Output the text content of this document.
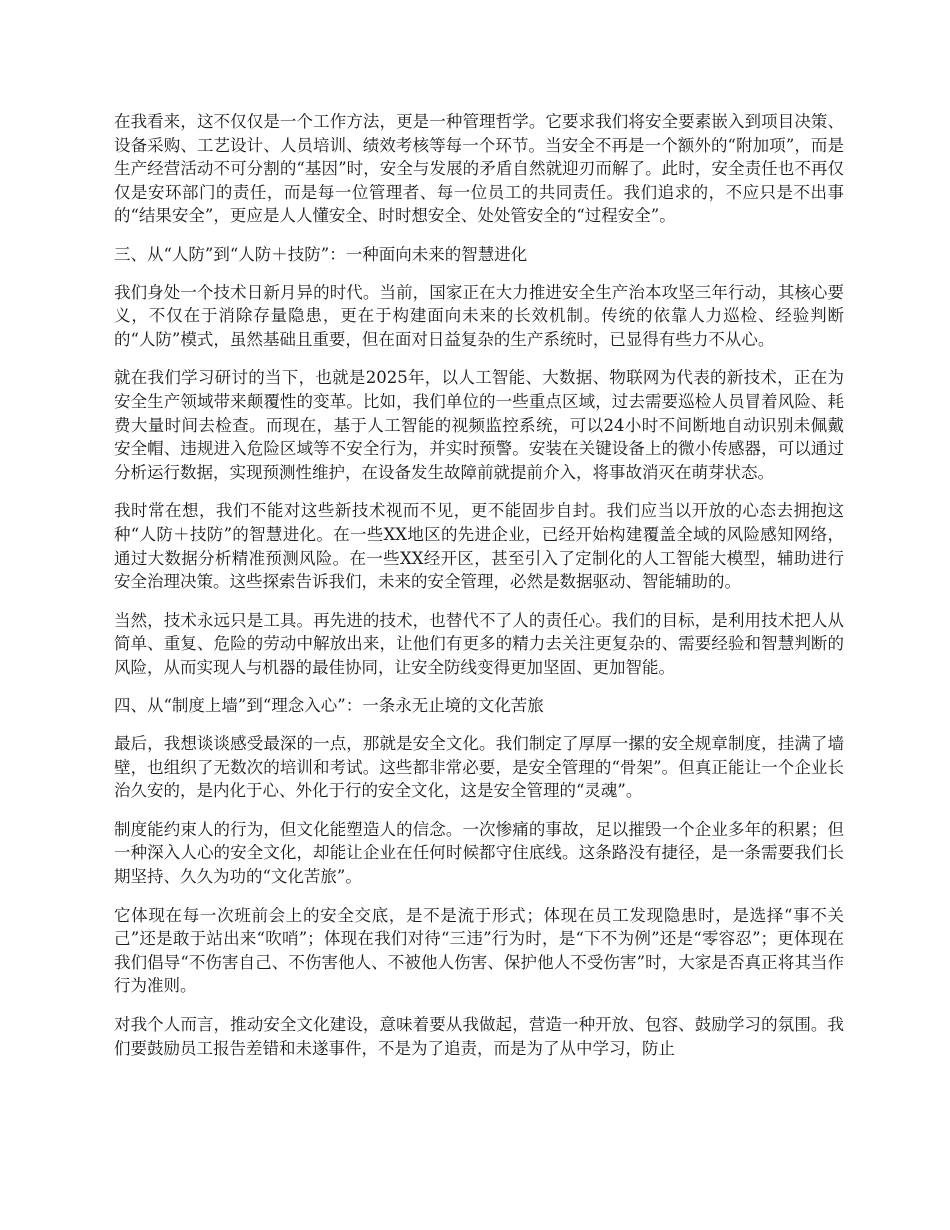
在我看来，这不仅仅是一个工作方法，更是一种管理哲学。它要求我们将安全要素嵌入到项目决策、设备采购、工艺设计、人员培训、绩效考核等每一个环节。当安全不再是一个额外的“附加项”，而是生产经营活动不可分割的“基因”时，安全与发展的矛盾自然就迎刃而解了。此时，安全责任也不再仅仅是安环部门的责任，而是每一位管理者、每一位员工的共同责任。我们追求的，不应只是不出事的“结果安全”，更应是人人懂安全、时时想安全、处处管安全的“过程安全”。

三、从“人防”到“人防＋技防”：一种面向未来的智慧进化

我们身处一个技术日新月异的时代。当前，国家正在大力推进安全生产治本攻坚三年行动，其核心要义，不仅在于消除存量隐患，更在于构建面向未来的长效机制。传统的依靠人力巡检、经验判断的“人防”模式，虽然基础且重要，但在面对日益复杂的生产系统时，已显得有些力不从心。

就在我们学习研讨的当下，也就是2025年，以人工智能、大数据、物联网为代表的新技术，正在为安全生产领域带来颠覆性的变革。比如，我们单位的一些重点区域，过去需要巡检人员冒着风险、耗费大量时间去检查。而现在，基于人工智能的视频监控系统，可以24小时不间断地自动识别未佩戴安全帽、违规进入危险区域等不安全行为，并实时预警。安装在关键设备上的微小传感器，可以通过分析运行数据，实现预测性维护，在设备发生故障前就提前介入，将事故消灭在萌芽状态。

我时常在想，我们不能对这些新技术视而不见，更不能固步自封。我们应当以开放的心态去拥抱这种“人防＋技防”的智慧进化。在一些XX地区的先进企业，已经开始构建覆盖全域的风险感知网络，通过大数据分析精准预测风险。在一些XX经开区，甚至引入了定制化的人工智能大模型，辅助进行安全治理决策。这些探索告诉我们，未来的安全管理，必然是数据驱动、智能辅助的。

当然，技术永远只是工具。再先进的技术，也替代不了人的责任心。我们的目标，是利用技术把人从简单、重复、危险的劳动中解放出来，让他们有更多的精力去关注更复杂的、需要经验和智慧判断的风险，从而实现人与机器的最佳协同，让安全防线变得更加坚固、更加智能。

四、从“制度上墙”到“理念入心”：一条永无止境的文化苦旅

最后，我想谈谈感受最深的一点，那就是安全文化。我们制定了厚厚一摞的安全规章制度，挂满了墙壁，也组织了无数次的培训和考试。这些都非常必要，是安全管理的“骨架”。但真正能让一个企业长治久安的，是内化于心、外化于行的安全文化，这是安全管理的“灵魂”。

制度能约束人的行为，但文化能塑造人的信念。一次惨痛的事故，足以摧毁一个企业多年的积累；但一种深入人心的安全文化，却能让企业在任何时候都守住底线。这条路没有捷径，是一条需要我们长期坚持、久久为功的“文化苦旅”。

它体现在每一次班前会上的安全交底，是不是流于形式；体现在员工发现隐患时，是选择“事不关己”还是敢于站出来“吹哨”；体现在我们对待“三违”行为时，是“下不为例”还是“零容忍”；更体现在我们倡导“不伤害自己、不伤害他人、不被他人伤害、保护他人不受伤害”时，大家是否真正将其当作行为准则。

对我个人而言，推动安全文化建设，意味着要从我做起，营造一种开放、包容、鼓励学习的氛围。我们要鼓励员工报告差错和未遂事件，不是为了追责，而是为了从中学习，防止
